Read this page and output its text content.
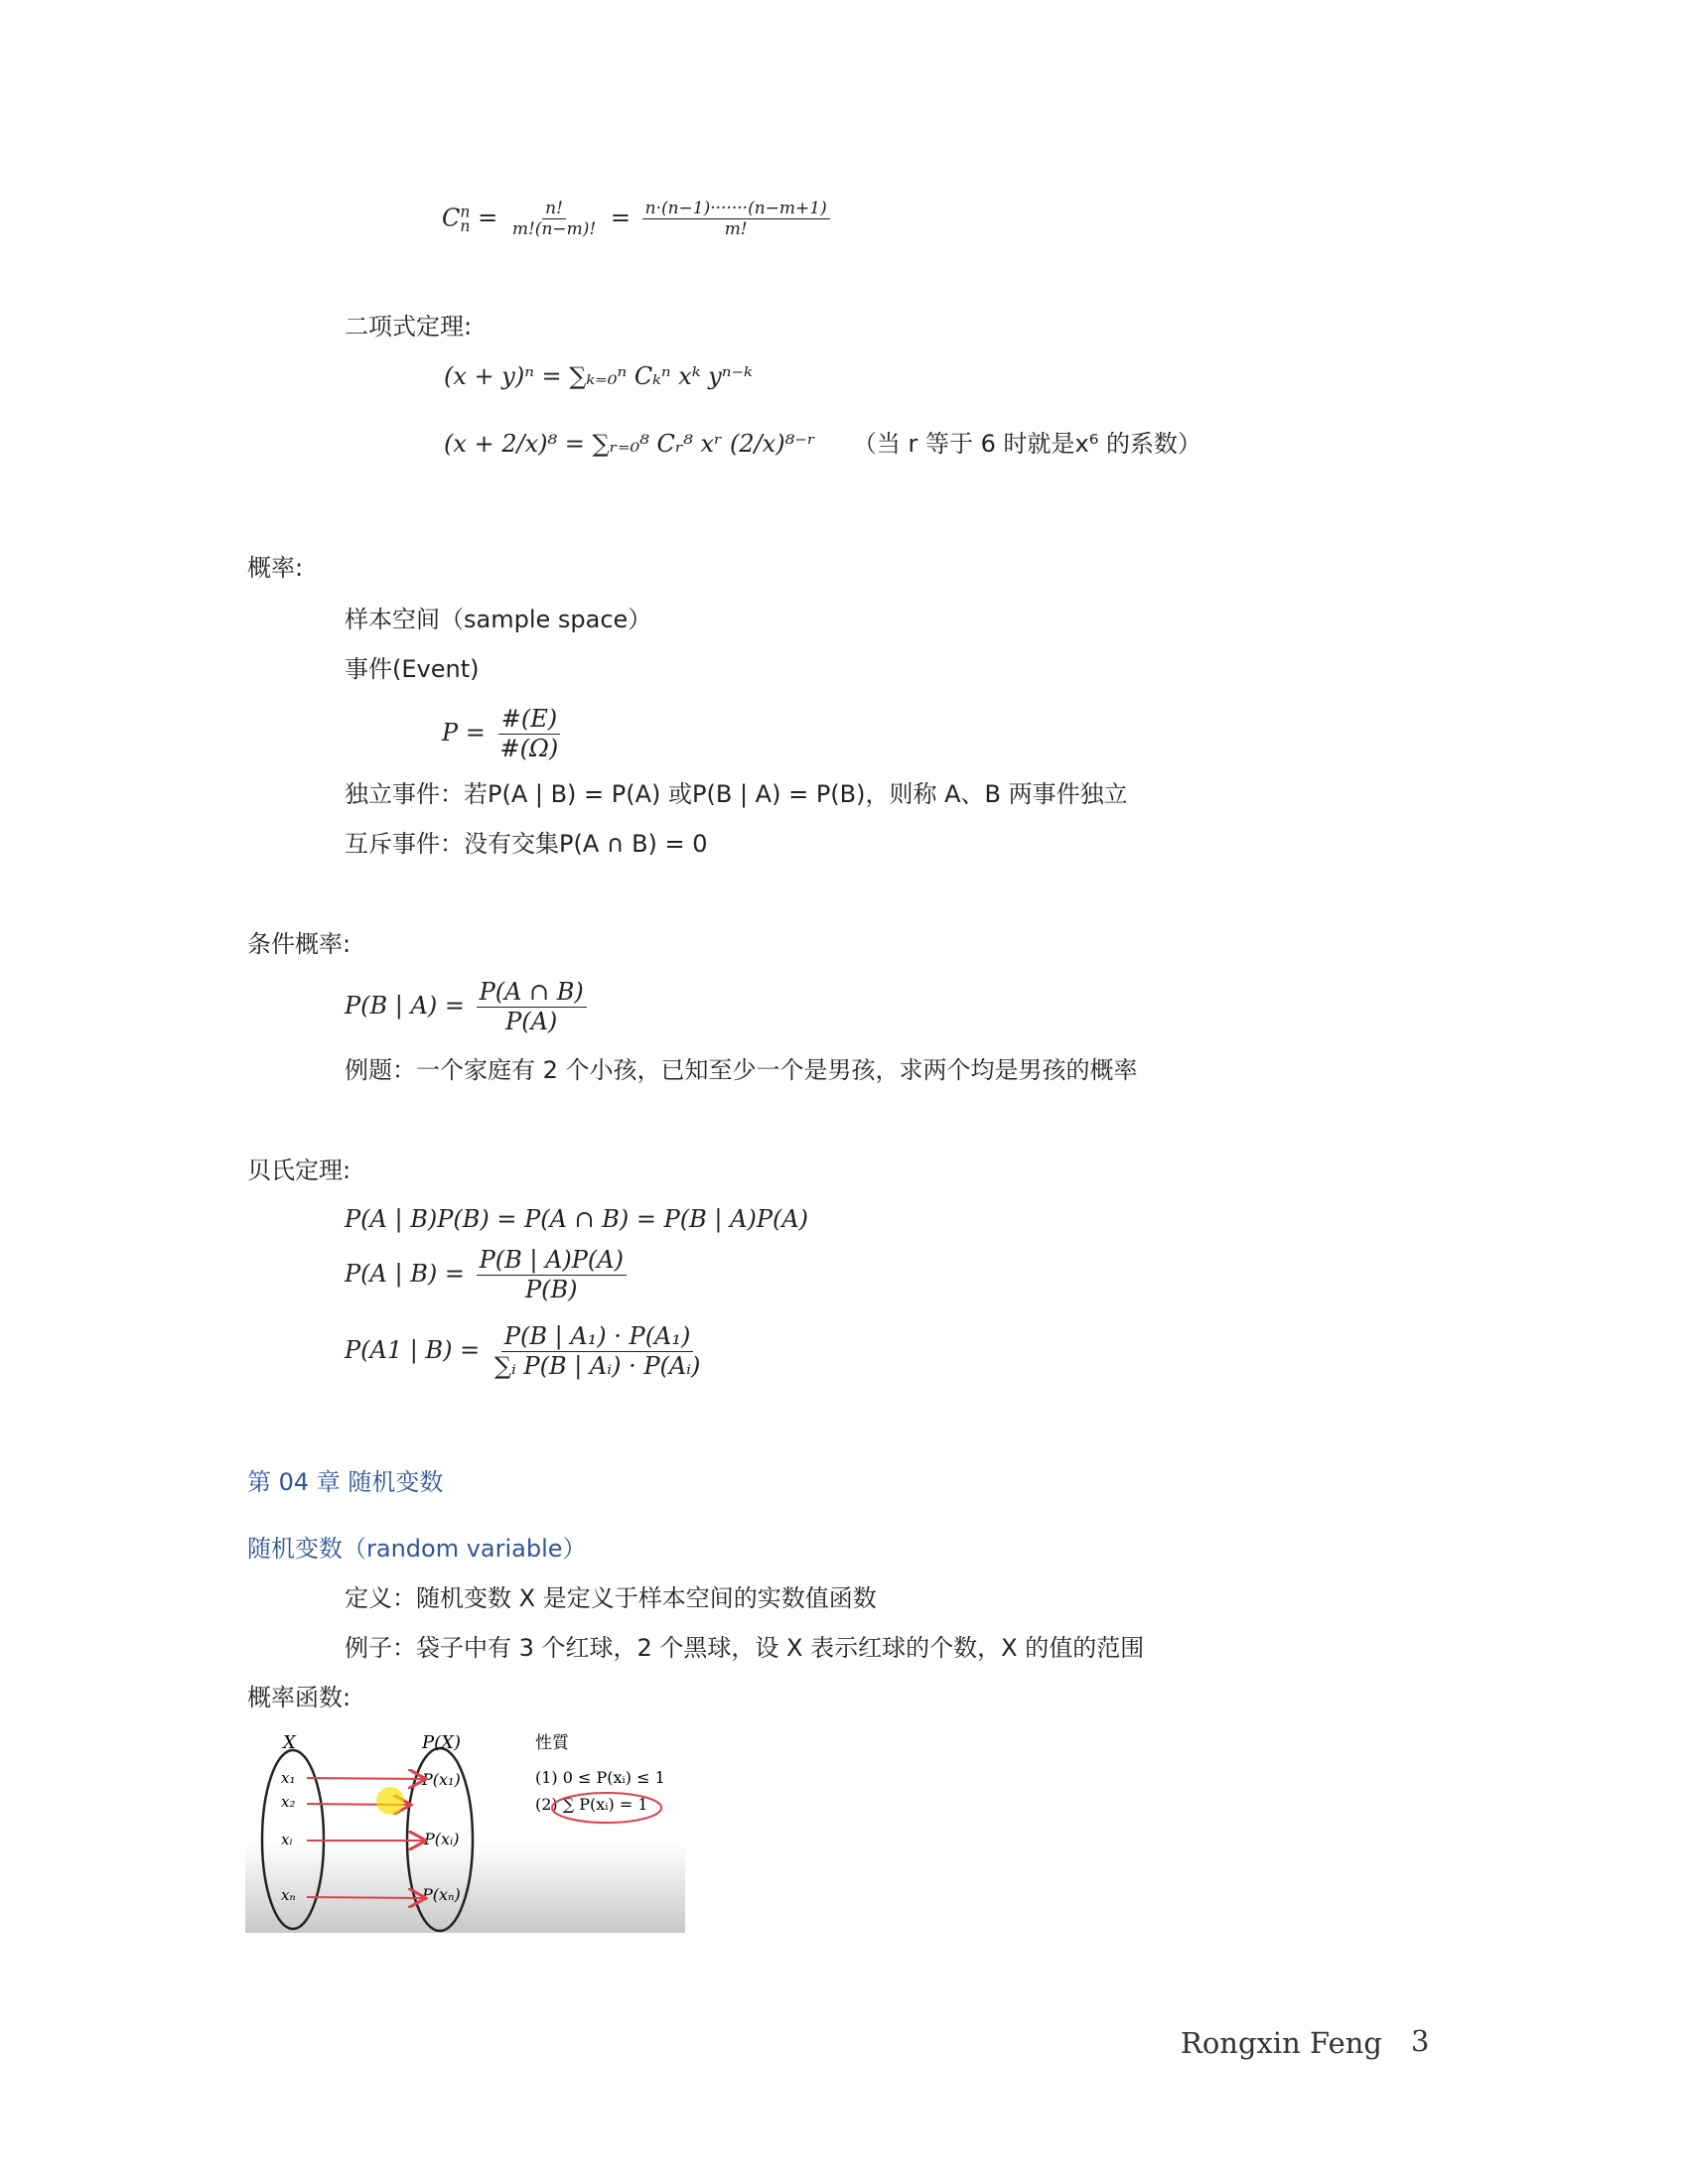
$C^n_n = \frac{n!}{m!(n-m)!} = \frac{n\cdot(n-1)\cdot\cdot\cdot\cdot\cdot\cdot\cdot(n-m+1)}{m!}$
二项式定理:
(x + y)ⁿ = ∑ₖ₌₀ⁿ Cₖⁿ xᵏ yⁿ⁻ᵏ
(x + 2/x)⁸ = ∑ᵣ₌₀⁸ Cᵣ⁸ xʳ (2/x)⁸⁻ʳ （当 r 等于 6 时就是x⁶ 的系数）
概率:
样本空间（sample space）
事件(Event)
$P = \frac{\#(E)}{\#(\Omega)}$
独立事件：若P(A | B) = P(A) 或P(B | A) = P(B)，则称 A、B 两事件独立
互斥事件：没有交集P(A ∩ B) = 0
条件概率:
P(B | $A) = \frac{P(A \cap B)}{P(A)}$
例题：一个家庭有 2 个小孩，已知至少一个是男孩，求两个均是男孩的概率
贝氏定理:
P(A | B)P(B) = P(A ∩ B) = P(B | A)P(A)
P(A | $B) = \frac{P(B | A)P(A)}{P(B)}$
P(A1 | $B) = \frac{\text{P(B | A₁) · P(A₁)}}{\text{∑ᵢ P(B | Aᵢ) · P(Aᵢ)}}$
第 04 章 随机变数
随机变数（random variable）
定义：随机变数 X 是定义于样本空间的实数值函数
例子：袋子中有 3 个红球，2 个黑球，设 X 表示红球的个数，X 的值的范围
概率函数:
X	P(X)	性質
x₁
x₂
xᵢ
xₙ
P(x₁)
P(xᵢ)
P(xₙ)
(1) 0 ≤ P(xᵢ) ≤ 1
(2) ∑ P(xᵢ) = 1
Rongxin Feng 3
